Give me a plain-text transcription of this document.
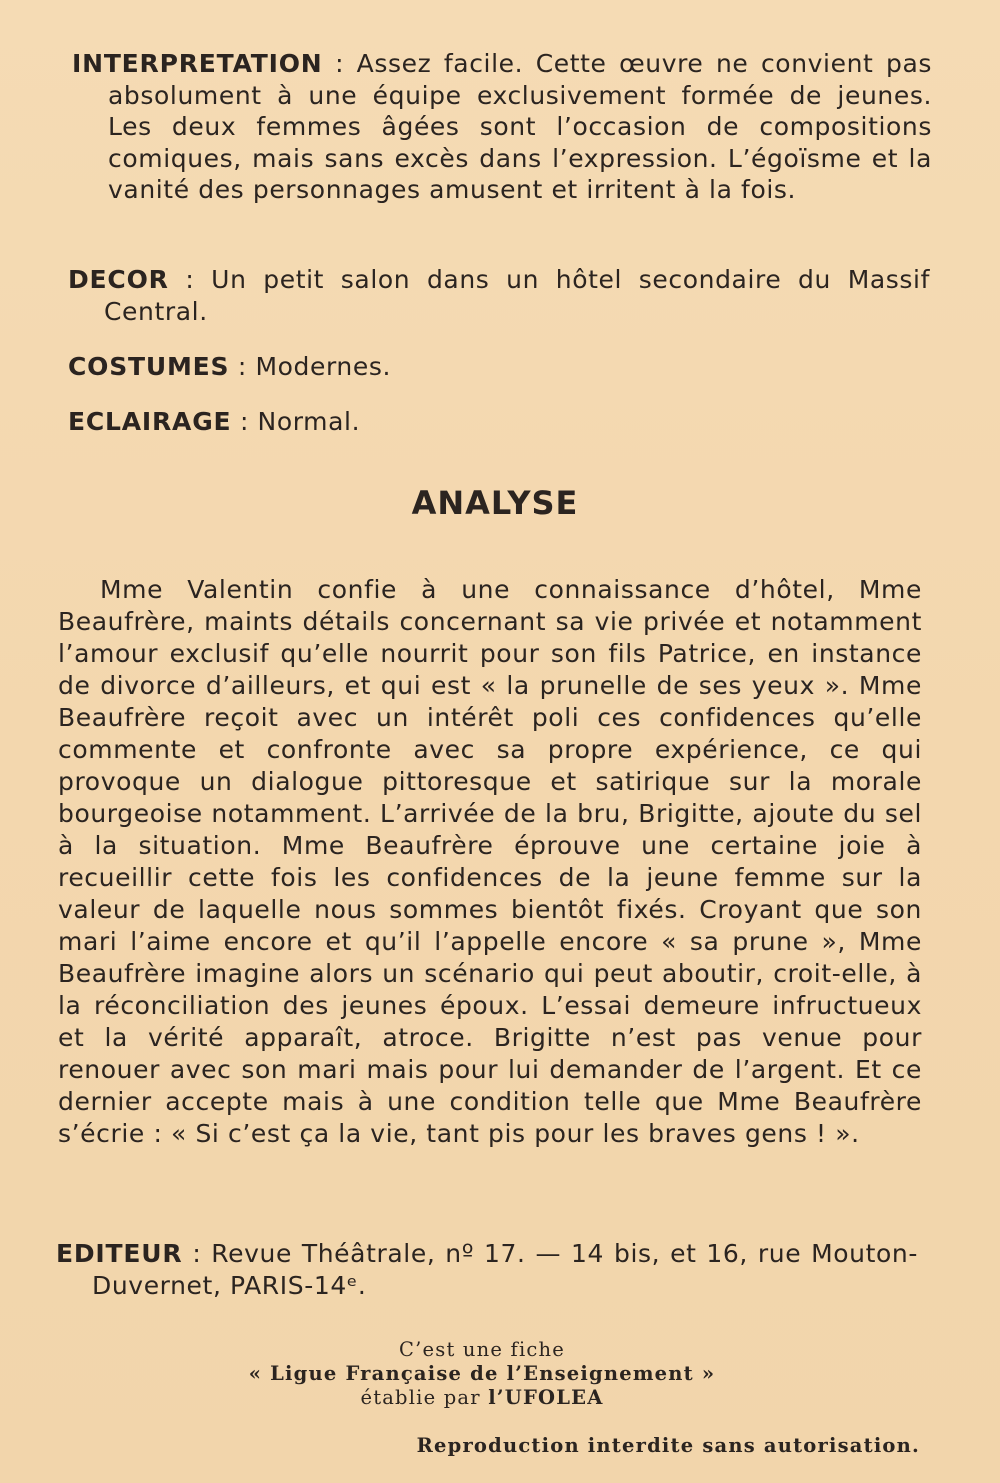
INTERPRETATION : Assez facile. Cette œuvre ne convient pas absolument à une équipe exclusivement formée de jeunes. Les deux femmes âgées sont l’occasion de compositions comiques, mais sans excès dans l’expression. L’égoïsme et la vanité des personnages amusent et irritent à la fois.

DECOR : Un petit salon dans un hôtel secondaire du Massif Central.

COSTUMES : Modernes.

ECLAIRAGE : Normal.

ANALYSE

Mme Valentin confie à une connaissance d’hôtel, Mme Beaufrère, maints détails concernant sa vie privée et notamment l’amour exclusif qu’elle nourrit pour son fils Patrice, en instance de divorce d’ailleurs, et qui est « la prunelle de ses yeux ». Mme Beaufrère reçoit avec un intérêt poli ces confidences qu’elle commente et confronte avec sa propre expérience, ce qui provoque un dialogue pittoresque et satirique sur la morale bourgeoise notamment. L’arrivée de la bru, Brigitte, ajoute du sel à la situation. Mme Beaufrère éprouve une certaine joie à recueillir cette fois les confidences de la jeune femme sur la valeur de laquelle nous sommes bientôt fixés. Croyant que son mari l’aime encore et qu’il l’appelle encore « sa prune », Mme Beaufrère imagine alors un scénario qui peut aboutir, croit-elle, à la réconciliation des jeunes époux. L’essai demeure infructueux et la vérité apparaît, atroce. Brigitte n’est pas venue pour renouer avec son mari mais pour lui demander de l’argent. Et ce dernier accepte mais à une condition telle que Mme Beaufrère s’écrie : « Si c’est ça la vie, tant pis pour les braves gens ! ».

EDITEUR : Revue Théâtrale, nº 17. — 14 bis, et 16, rue Mouton-Duvernet, PARIS-14ᵉ.

C’est une fiche
« Ligue Française de l’Enseignement »
établie par l’UFOLEA
Reproduction interdite sans autorisation.
